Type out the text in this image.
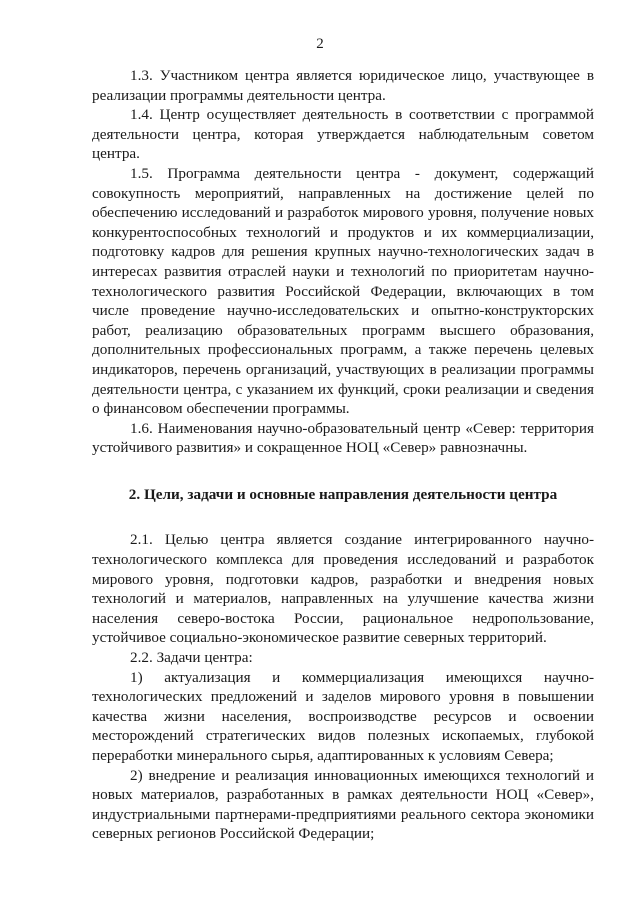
2

1.3. Участником центра является юридическое лицо, участвующее в реализации программы деятельности центра.

1.4. Центр осуществляет деятельность в соответствии с программой деятельности центра, которая утверждается наблюдательным советом центра.

1.5. Программа деятельности центра - документ, содержащий совокупность мероприятий, направленных на достижение целей по обеспечению исследований и разработок мирового уровня, получение новых конкурентоспособных технологий и продуктов и их коммерциализации, подготовку кадров для решения крупных научно-технологических задач в интересах развития отраслей науки и технологий по приоритетам научно-технологического развития Российской Федерации, включающих в том числе проведение научно-исследовательских и опытно-конструкторских работ, реализацию образовательных программ высшего образования, дополнительных профессиональных программ, а также перечень целевых индикаторов, перечень организаций, участвующих в реализации программы деятельности центра, с указанием их функций, сроки реализации и сведения о финансовом обеспечении программы.

1.6. Наименования научно-образовательный центр «Север: территория устойчивого развития» и сокращенное НОЦ «Север» равнозначны.

2. Цели, задачи и основные направления деятельности центра

2.1. Целью центра является создание интегрированного научно-технологического комплекса для проведения исследований и разработок мирового уровня, подготовки кадров, разработки и внедрения новых технологий и материалов, направленных на улучшение качества жизни населения северо-востока России, рациональное недропользование, устойчивое социально-экономическое развитие северных территорий.

2.2. Задачи центра:

1) актуализация и коммерциализация имеющихся научно-технологических предложений и заделов мирового уровня в повышении качества жизни населения, воспроизводстве ресурсов и освоении месторождений стратегических видов полезных ископаемых, глубокой переработки минерального сырья, адаптированных к условиям Севера;

2) внедрение и реализация инновационных имеющихся технологий и новых материалов, разработанных в рамках деятельности НОЦ «Север», индустриальными партнерами-предприятиями реального сектора экономики северных регионов Российской Федерации;
